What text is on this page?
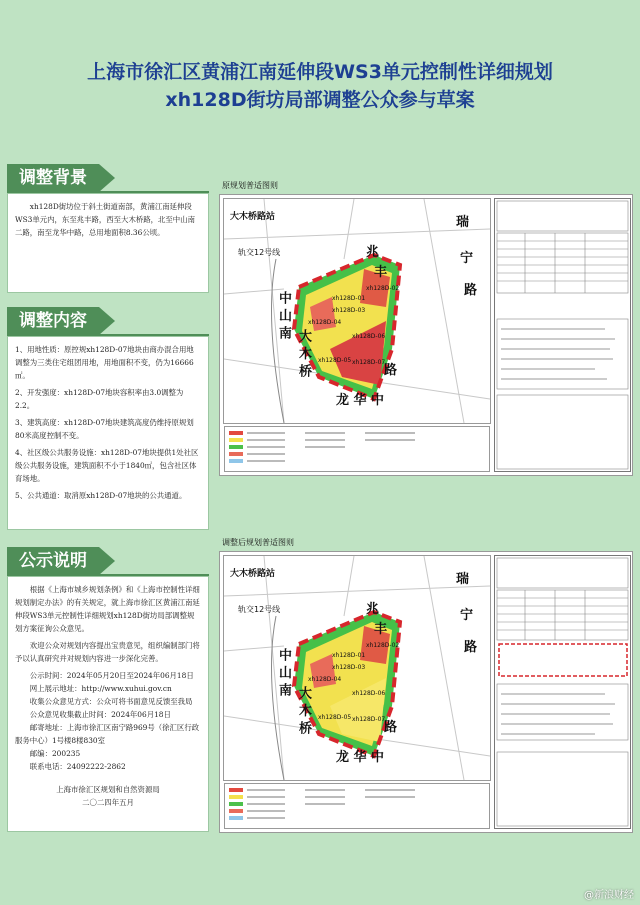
上海市徐汇区黄浦江南延伸段WS3单元控制性详细规划
xh128D街坊局部调整公众参与草案
调整背景

xh128D街坊位于斜土街道南部，黄浦江南延伸段WS3单元内，东至兆丰路，西至大木桥路，北至中山南二路，南至龙华中路，总用地面积8.36公顷。

调整内容

1、用地性质：原控规xh128D-07地块由商办混合用地调整为三类住宅组团用地，用地面积不变，仍为16666㎡。

2、开发强度：xh128D-07地块容积率由3.0调整为2.2。

3、建筑高度：xh128D-07地块建筑高度仍维持原规划80米高度控制不变。

4、社区级公共服务设施：xh128D-07地块提供1处社区级公共服务设施，建筑面积不小于1840㎡，包含社区体育场地。

5、公共通道：取消原xh128D-07地块的公共通道。

公示说明

根据《上海市城乡规划条例》和《上海市控制性详细规划制定办法》的有关规定，就上海市徐汇区黄浦江南延伸段WS3单元控制性详细规划xh128D街坊局部调整规划方案征询公众意见。

欢迎公众对规划内容提出宝贵意见，组织编制部门将予以认真研究并对规划内容进一步深化完善。

公示时间：2024年05月20日至2024年06月18日

网上展示地址：http://www.xuhui.gov.cn

收集公众意见方式：公众可将书面意见反馈至我局

公众意见收集截止时间：2024年06月18日

邮寄地址：上海市徐汇区南宁路969号（徐汇区行政服务中心）1号楼8楼830室

邮编：200235

联系电话：24092222-2862

上海市徐汇区规划和自然资源局
二〇二四年五月
原规划普适图则
大木桥路站
轨交12号线
瑞
宁
路
兆
丰
路
中 山 南
大 木 桥
龙 华 中
xh128D-01
xh128D-02
xh128D-03
xh128D-04
xh128D-05
xh128D-06
xh128D-07
调整后规划普适图则
大木桥路站
轨交12号线
瑞
宁
路
兆
丰
路
中 山 南
大 木 桥
龙 华 中
xh128D-01
xh128D-02
xh128D-03
xh128D-04
xh128D-05
xh128D-06
xh128D-07
@新浪财经
